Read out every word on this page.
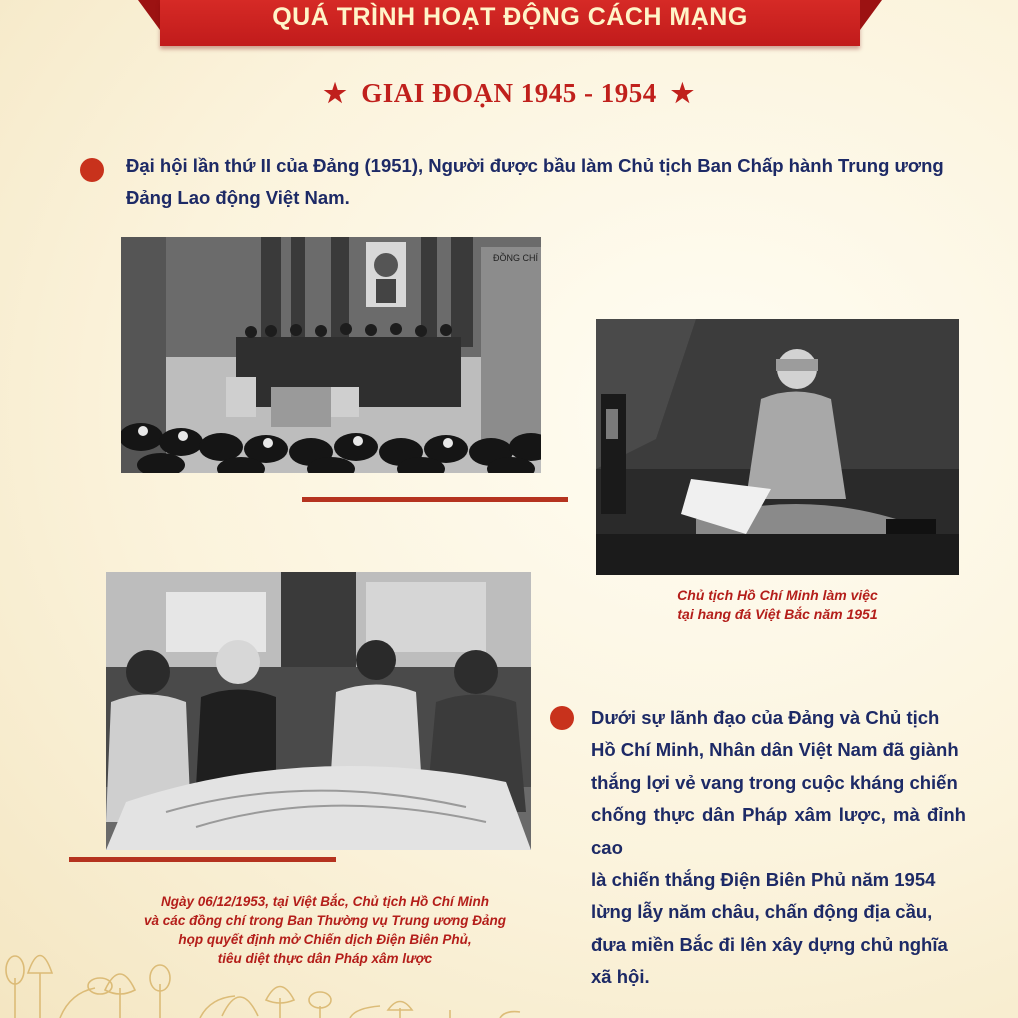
QUÁ TRÌNH HOẠT ĐỘNG CÁCH MẠNG
★ GIAI ĐOẠN 1945 - 1954 ★
Đại hội lần thứ II của Đảng (1951), Người được bầu làm Chủ tịch Ban Chấp hành Trung ương
Đảng Lao động Việt Nam.
ĐỒNG CHÍ
Chủ tịch Hồ Chí Minh làm việc
tại hang đá Việt Bắc năm 1951
Ngày 06/12/1953, tại Việt Bắc, Chủ tịch Hồ Chí Minh
và các đồng chí trong Ban Thường vụ Trung ương Đảng
họp quyết định mở Chiến dịch Điện Biên Phủ,
tiêu diệt thực dân Pháp xâm lược
Dưới sự lãnh đạo của Đảng và Chủ tịch
Hồ Chí Minh, Nhân dân Việt Nam đã giành
thắng lợi vẻ vang trong cuộc kháng chiến
chống thực dân Pháp xâm lược, mà đỉnh cao
là chiến thắng Điện Biên Phủ năm 1954
lừng lẫy năm châu, chấn động địa cầu,
đưa miền Bắc đi lên xây dựng chủ nghĩa
xã hội.
